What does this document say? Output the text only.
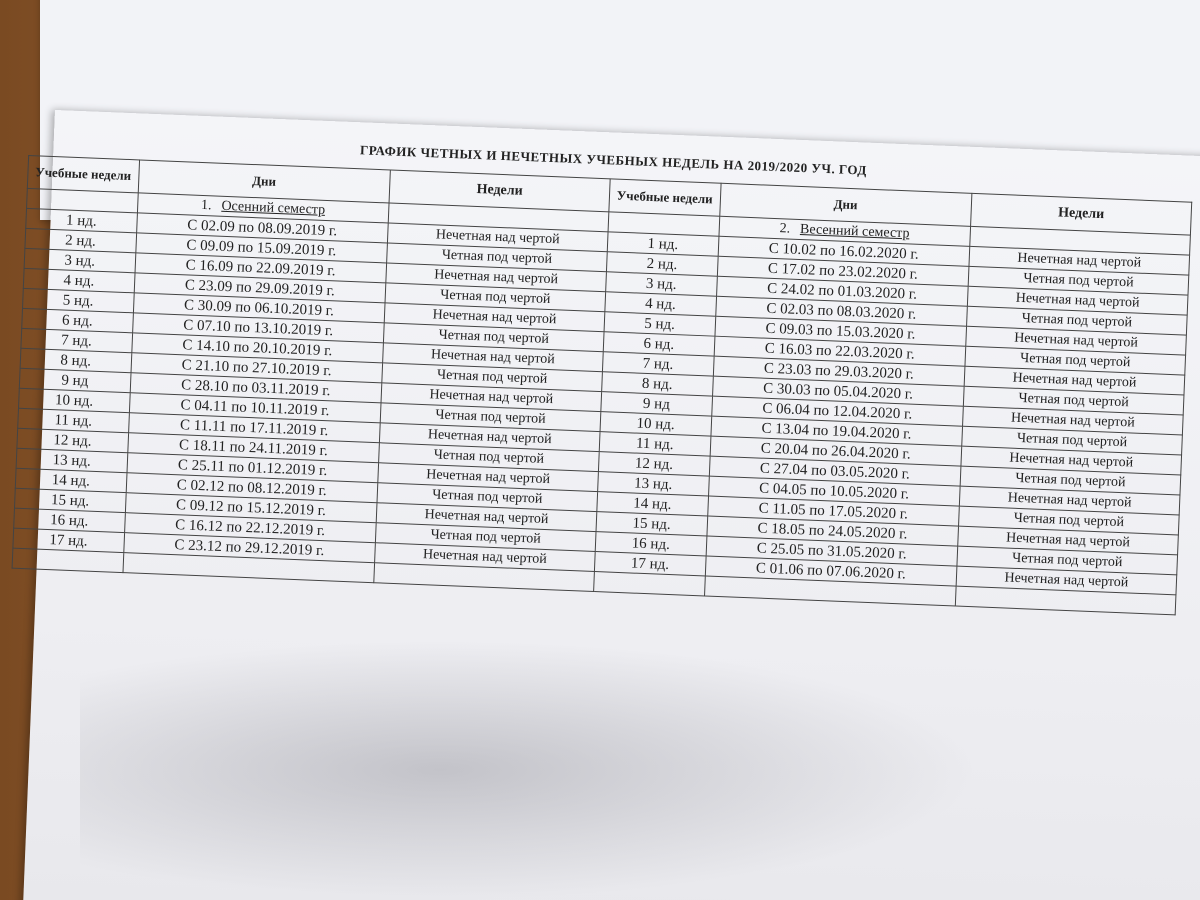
ГРАФИК ЧЕТНЫХ И НЕЧЕТНЫХ УЧЕБНЫХ НЕДЕЛЬ НА 2019/2020 УЧ. ГОД
Учебные недели	Дни	Недели	Учебные недели	Дни	Недели
	1. Осенний семестр			2. Весенний семестр	
1 нд.	С 02.09 по 08.09.2019 г.	Нечетная над чертой	1 нд.	С 10.02 по 16.02.2020 г.	Нечетная над чертой
2 нд.	С 09.09 по 15.09.2019 г.	Четная под чертой	2 нд.	С 17.02 по 23.02.2020 г.	Четная под чертой
3 нд.	С 16.09 по 22.09.2019 г.	Нечетная над чертой	3 нд.	С 24.02 по 01.03.2020 г.	Нечетная над чертой
4 нд.	С 23.09 по 29.09.2019 г.	Четная под чертой	4 нд.	С 02.03 по 08.03.2020 г.	Четная под чертой
5 нд.	С 30.09 по 06.10.2019 г.	Нечетная над чертой	5 нд.	С 09.03 по 15.03.2020 г.	Нечетная над чертой
6 нд.	С 07.10 по 13.10.2019 г.	Четная под чертой	6 нд.	С 16.03 по 22.03.2020 г.	Четная под чертой
7 нд.	С 14.10 по 20.10.2019 г.	Нечетная над чертой	7 нд.	С 23.03 по 29.03.2020 г.	Нечетная над чертой
8 нд.	С 21.10 по 27.10.2019 г.	Четная под чертой	8 нд.	С 30.03 по 05.04.2020 г.	Четная под чертой
9 нд	С 28.10 по 03.11.2019 г.	Нечетная над чертой	9 нд	С 06.04 по 12.04.2020 г.	Нечетная над чертой
10 нд.	С 04.11 по 10.11.2019 г.	Четная под чертой	10 нд.	С 13.04 по 19.04.2020 г.	Четная под чертой
11 нд.	С 11.11 по 17.11.2019 г.	Нечетная над чертой	11 нд.	С 20.04 по 26.04.2020 г.	Нечетная над чертой
12 нд.	С 18.11 по 24.11.2019 г.	Четная под чертой	12 нд.	С 27.04 по 03.05.2020 г.	Четная под чертой
13 нд.	С 25.11 по 01.12.2019 г.	Нечетная над чертой	13 нд.	С 04.05 по 10.05.2020 г.	Нечетная над чертой
14 нд.	С 02.12 по 08.12.2019 г.	Четная под чертой	14 нд.	С 11.05 по 17.05.2020 г.	Четная под чертой
15 нд.	С 09.12 по 15.12.2019 г.	Нечетная над чертой	15 нд.	С 18.05 по 24.05.2020 г.	Нечетная над чертой
16 нд.	С 16.12 по 22.12.2019 г.	Четная под чертой	16 нд.	С 25.05 по 31.05.2020 г.	Четная под чертой
17 нд.	С 23.12 по 29.12.2019 г.	Нечетная над чертой	17 нд.	С 01.06 по 07.06.2020 г.	Нечетная над чертой
